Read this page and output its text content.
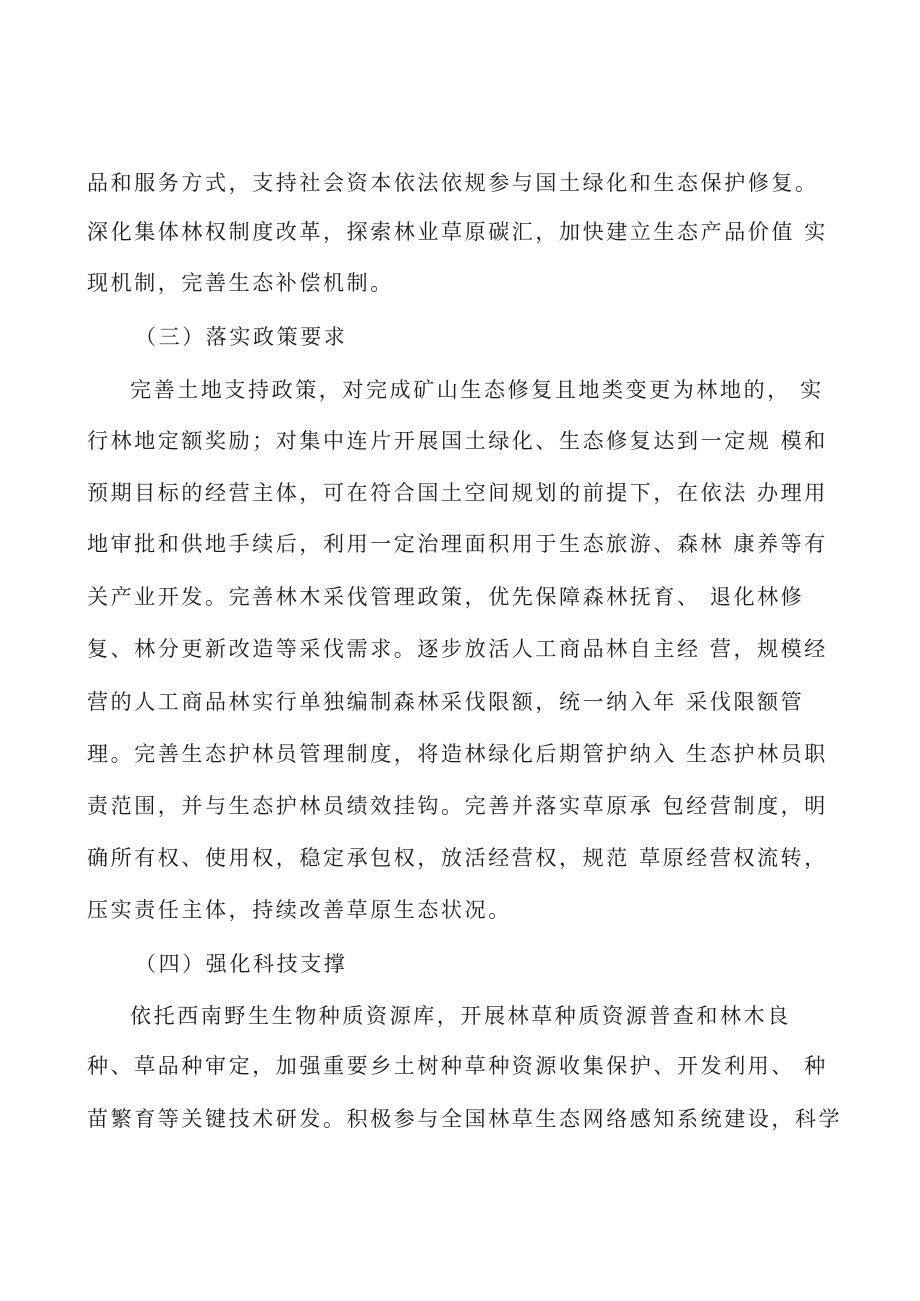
品和服务方式，支持社会资本依法依规参与国土绿化和生态保护修复。
深化集体林权制度改革，探索林业草原碳汇，加快建立生态产品价值 实
现机制，完善生态补偿机制。
（三）落实政策要求
完善土地支持政策，对完成矿山生态修复且地类变更为林地的， 实
行林地定额奖励；对集中连片开展国土绿化、生态修复达到一定规 模和
预期目标的经营主体，可在符合国土空间规划的前提下，在依法 办理用
地审批和供地手续后，利用一定治理面积用于生态旅游、森林 康养等有
关产业开发。完善林木采伐管理政策，优先保障森林抚育、 退化林修
复、林分更新改造等采伐需求。逐步放活人工商品林自主经 营，规模经
营的人工商品林实行单独编制森林采伐限额，统一纳入年 采伐限额管
理。完善生态护林员管理制度，将造林绿化后期管护纳入 生态护林员职
责范围，并与生态护林员绩效挂钩。完善并落实草原承 包经营制度，明
确所有权、使用权，稳定承包权，放活经营权，规范 草原经营权流转，
压实责任主体，持续改善草原生态状况。
（四）强化科技支撑
依托西南野生生物种质资源库，开展林草种质资源普查和林木良
种、草品种审定，加强重要乡土树种草种资源收集保护、开发利用、 种
苗繁育等关键技术研发。积极参与全国林草生态网络感知系统建设，科学
